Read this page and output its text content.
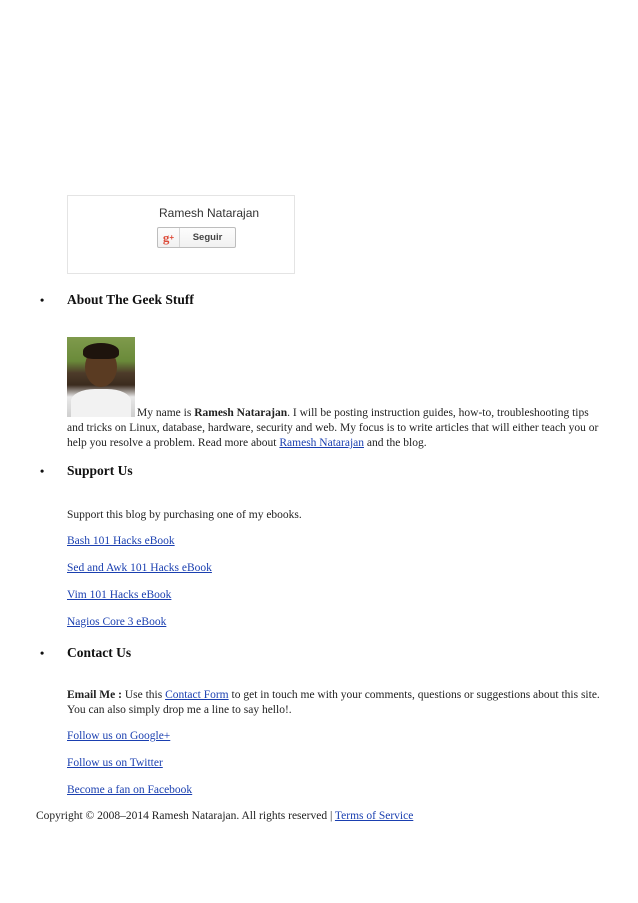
Ramesh Natarajan
g +	Seguir
• About The Geek Stuff

My name is Ramesh Natarajan. I will be posting instruction guides, how-to, troubleshooting tips and tricks on Linux, database, hardware, security and web. My focus is to write articles that will either teach you or help you resolve a problem. Read more about Ramesh Natarajan and the blog.

• Support Us

Support this blog by purchasing one of my ebooks.

Bash 101 Hacks eBook

Sed and Awk 101 Hacks eBook

Vim 101 Hacks eBook

Nagios Core 3 eBook

• Contact Us

Email Me : Use this Contact Form to get in touch me with your comments, questions or suggestions about this site. You can also simply drop me a line to say hello!.

Follow us on Google+

Follow us on Twitter

Become a fan on Facebook

Copyright © 2008–2014 Ramesh Natarajan. All rights reserved | Terms of Service
